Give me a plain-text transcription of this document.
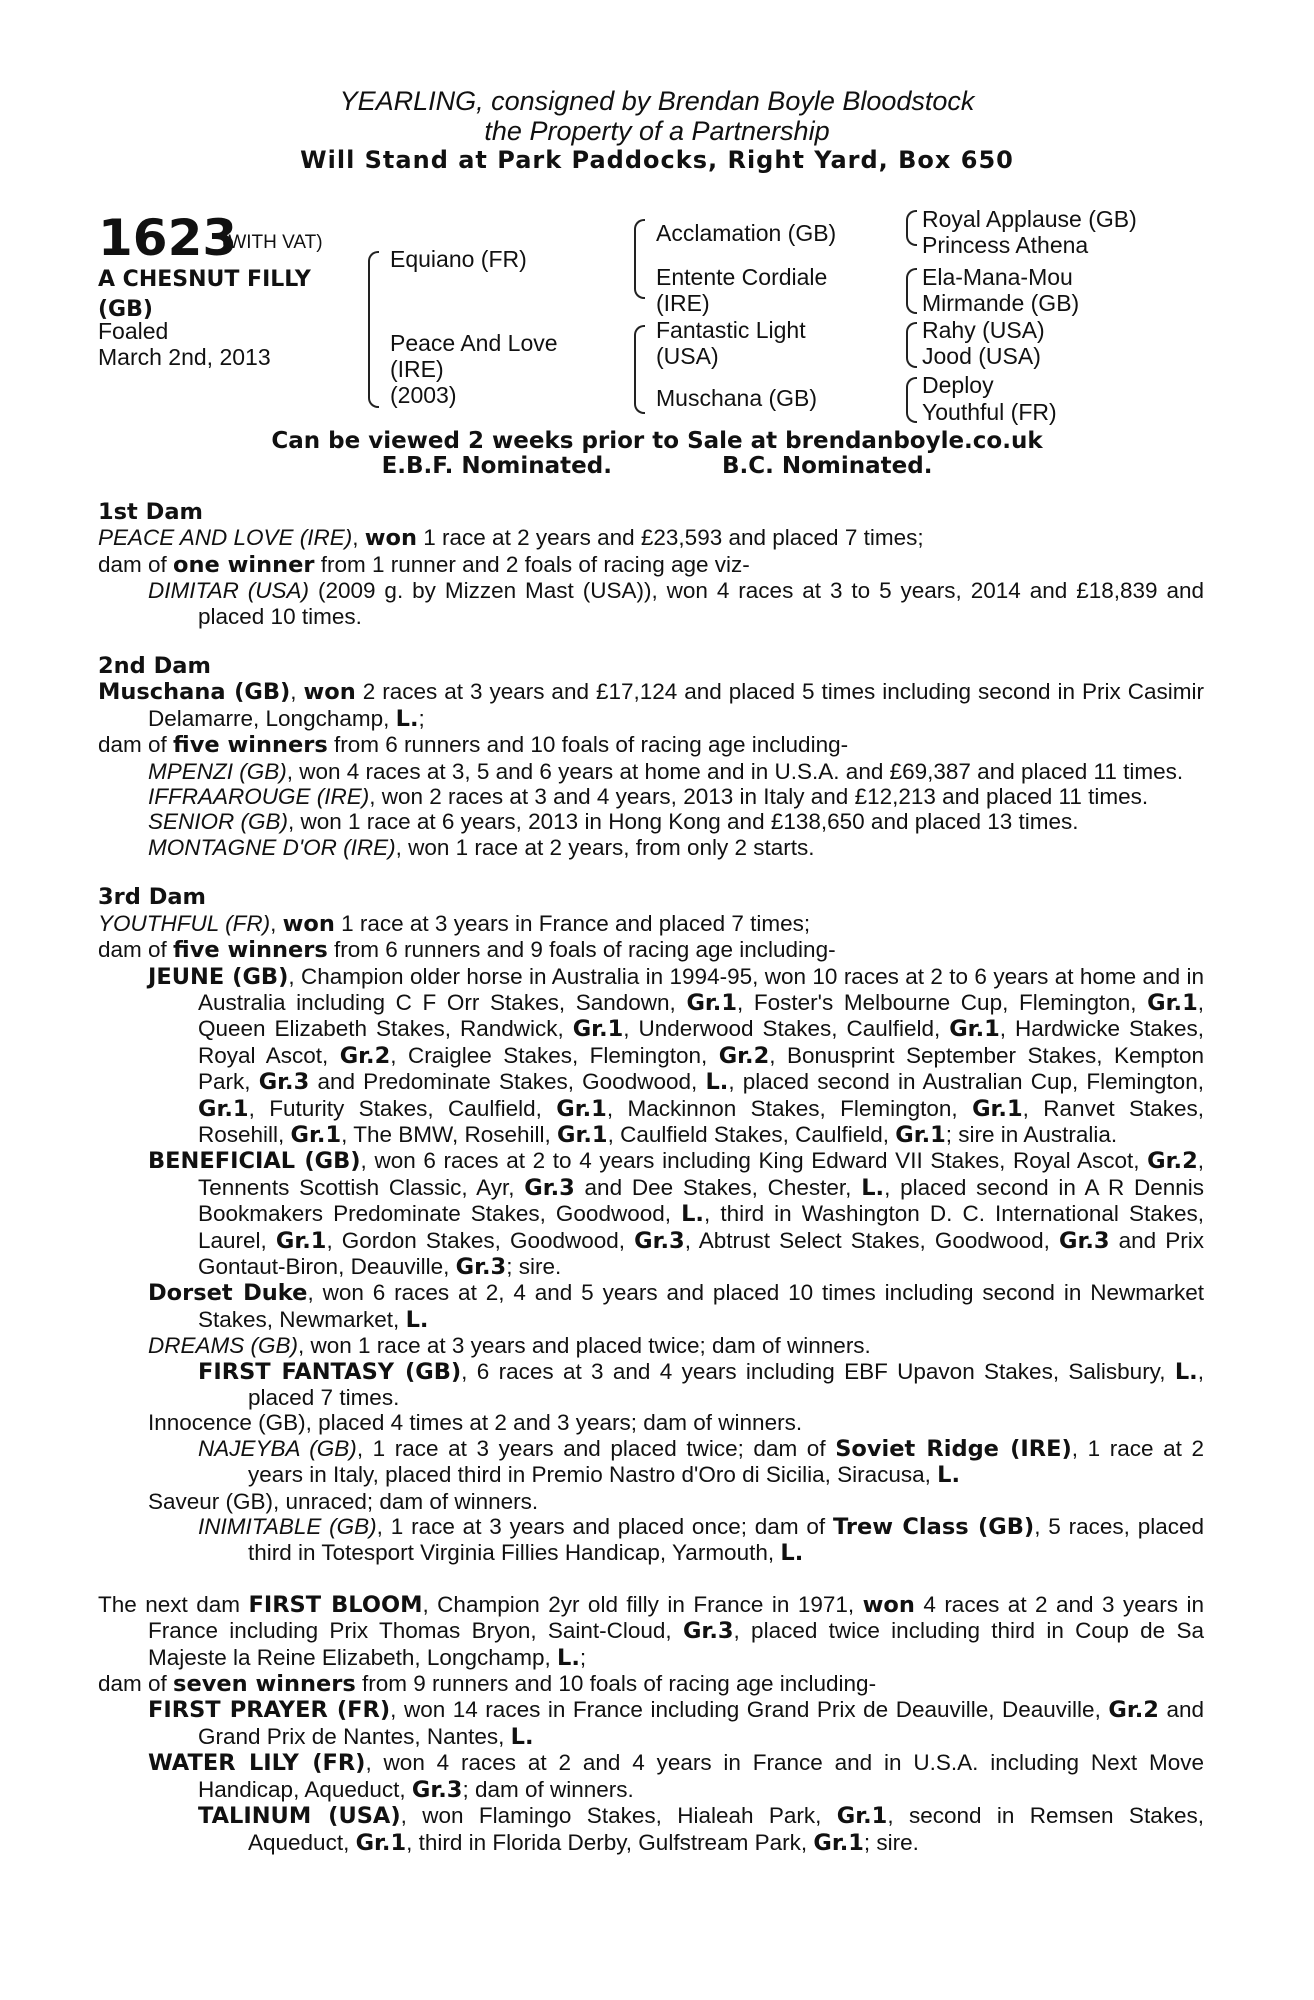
YEARLING, consigned by Brendan Boyle Bloodstock
the Property of a Partnership
Will Stand at Park Paddocks, Right Yard, Box 650
1623
(WITH VAT)
A CHESNUT FILLY
(GB)
Foaled
March 2nd, 2013
Equiano (FR)
Peace And Love
(IRE)
(2003)
Acclamation (GB)
Entente Cordiale
(IRE)
Fantastic Light
(USA)
Muschana (GB)
Royal Applause (GB)
Princess Athena
Ela-Mana-Mou
Mirmande (GB)
Rahy (USA)
Jood (USA)
Deploy
Youthful (FR)
Can be viewed 2 weeks prior to Sale at brendanboyle.co.uk
E.B.F. Nominated.	B.C. Nominated.

1st Dam

PEACE AND LOVE (IRE), won 1 race at 2 years and £23,593 and placed 7 times;

dam of one winner from 1 runner and 2 foals of racing age viz-

DIMITAR (USA) (2009 g. by Mizzen Mast (USA)), won 4 races at 3 to 5 years, 2014 and £18,839 and placed 10 times.

2nd Dam

Muschana (GB), won 2 races at 3 years and £17,124 and placed 5 times including second in Prix Casimir Delamarre, Longchamp, L.;

dam of five winners from 6 runners and 10 foals of racing age including-

MPENZI (GB), won 4 races at 3, 5 and 6 years at home and in U.S.A. and £69,387 and placed 11 times.

IFFRAAROUGE (IRE), won 2 races at 3 and 4 years, 2013 in Italy and £12,213 and placed 11 times.

SENIOR (GB), won 1 race at 6 years, 2013 in Hong Kong and £138,650 and placed 13 times.

MONTAGNE D'OR (IRE), won 1 race at 2 years, from only 2 starts.

3rd Dam

YOUTHFUL (FR), won 1 race at 3 years in France and placed 7 times;

dam of five winners from 6 runners and 9 foals of racing age including-

JEUNE (GB), Champion older horse in Australia in 1994-95, won 10 races at 2 to 6 years at home and in Australia including C F Orr Stakes, Sandown, Gr.1, Foster's Melbourne Cup, Flemington, Gr.1, Queen Elizabeth Stakes, Randwick, Gr.1, Underwood Stakes, Caulfield, Gr.1, Hardwicke Stakes, Royal Ascot, Gr.2, Craiglee Stakes, Flemington, Gr.2, Bonusprint September Stakes, Kempton Park, Gr.3 and Predominate Stakes, Goodwood, L., placed second in Australian Cup, Flemington, Gr.1, Futurity Stakes, Caulfield, Gr.1, Mackinnon Stakes, Flemington, Gr.1, Ranvet Stakes, Rosehill, Gr.1, The BMW, Rosehill, Gr.1, Caulfield Stakes, Caulfield, Gr.1; sire in Australia.

BENEFICIAL (GB), won 6 races at 2 to 4 years including King Edward VII Stakes, Royal Ascot, Gr.2, Tennents Scottish Classic, Ayr, Gr.3 and Dee Stakes, Chester, L., placed second in A R Dennis Bookmakers Predominate Stakes, Goodwood, L., third in Washington D. C. International Stakes, Laurel, Gr.1, Gordon Stakes, Goodwood, Gr.3, Abtrust Select Stakes, Goodwood, Gr.3 and Prix Gontaut-Biron, Deauville, Gr.3; sire.

Dorset Duke, won 6 races at 2, 4 and 5 years and placed 10 times including second in Newmarket Stakes, Newmarket, L.

DREAMS (GB), won 1 race at 3 years and placed twice; dam of winners.

FIRST FANTASY (GB), 6 races at 3 and 4 years including EBF Upavon Stakes, Salisbury, L., placed 7 times.

Innocence (GB), placed 4 times at 2 and 3 years; dam of winners.

NAJEYBA (GB), 1 race at 3 years and placed twice; dam of Soviet Ridge (IRE), 1 race at 2 years in Italy, placed third in Premio Nastro d'Oro di Sicilia, Siracusa, L.

Saveur (GB), unraced; dam of winners.

INIMITABLE (GB), 1 race at 3 years and placed once; dam of Trew Class (GB), 5 races, placed third in Totesport Virginia Fillies Handicap, Yarmouth, L.

The next dam FIRST BLOOM, Champion 2yr old filly in France in 1971, won 4 races at 2 and 3 years in France including Prix Thomas Bryon, Saint-Cloud, Gr.3, placed twice including third in Coup de Sa Majeste la Reine Elizabeth, Longchamp, L.;

dam of seven winners from 9 runners and 10 foals of racing age including-

FIRST PRAYER (FR), won 14 races in France including Grand Prix de Deauville, Deauville, Gr.2 and Grand Prix de Nantes, Nantes, L.

WATER LILY (FR), won 4 races at 2 and 4 years in France and in U.S.A. including Next Move Handicap, Aqueduct, Gr.3; dam of winners.

TALINUM (USA), won Flamingo Stakes, Hialeah Park, Gr.1, second in Remsen Stakes, Aqueduct, Gr.1, third in Florida Derby, Gulfstream Park, Gr.1; sire.
